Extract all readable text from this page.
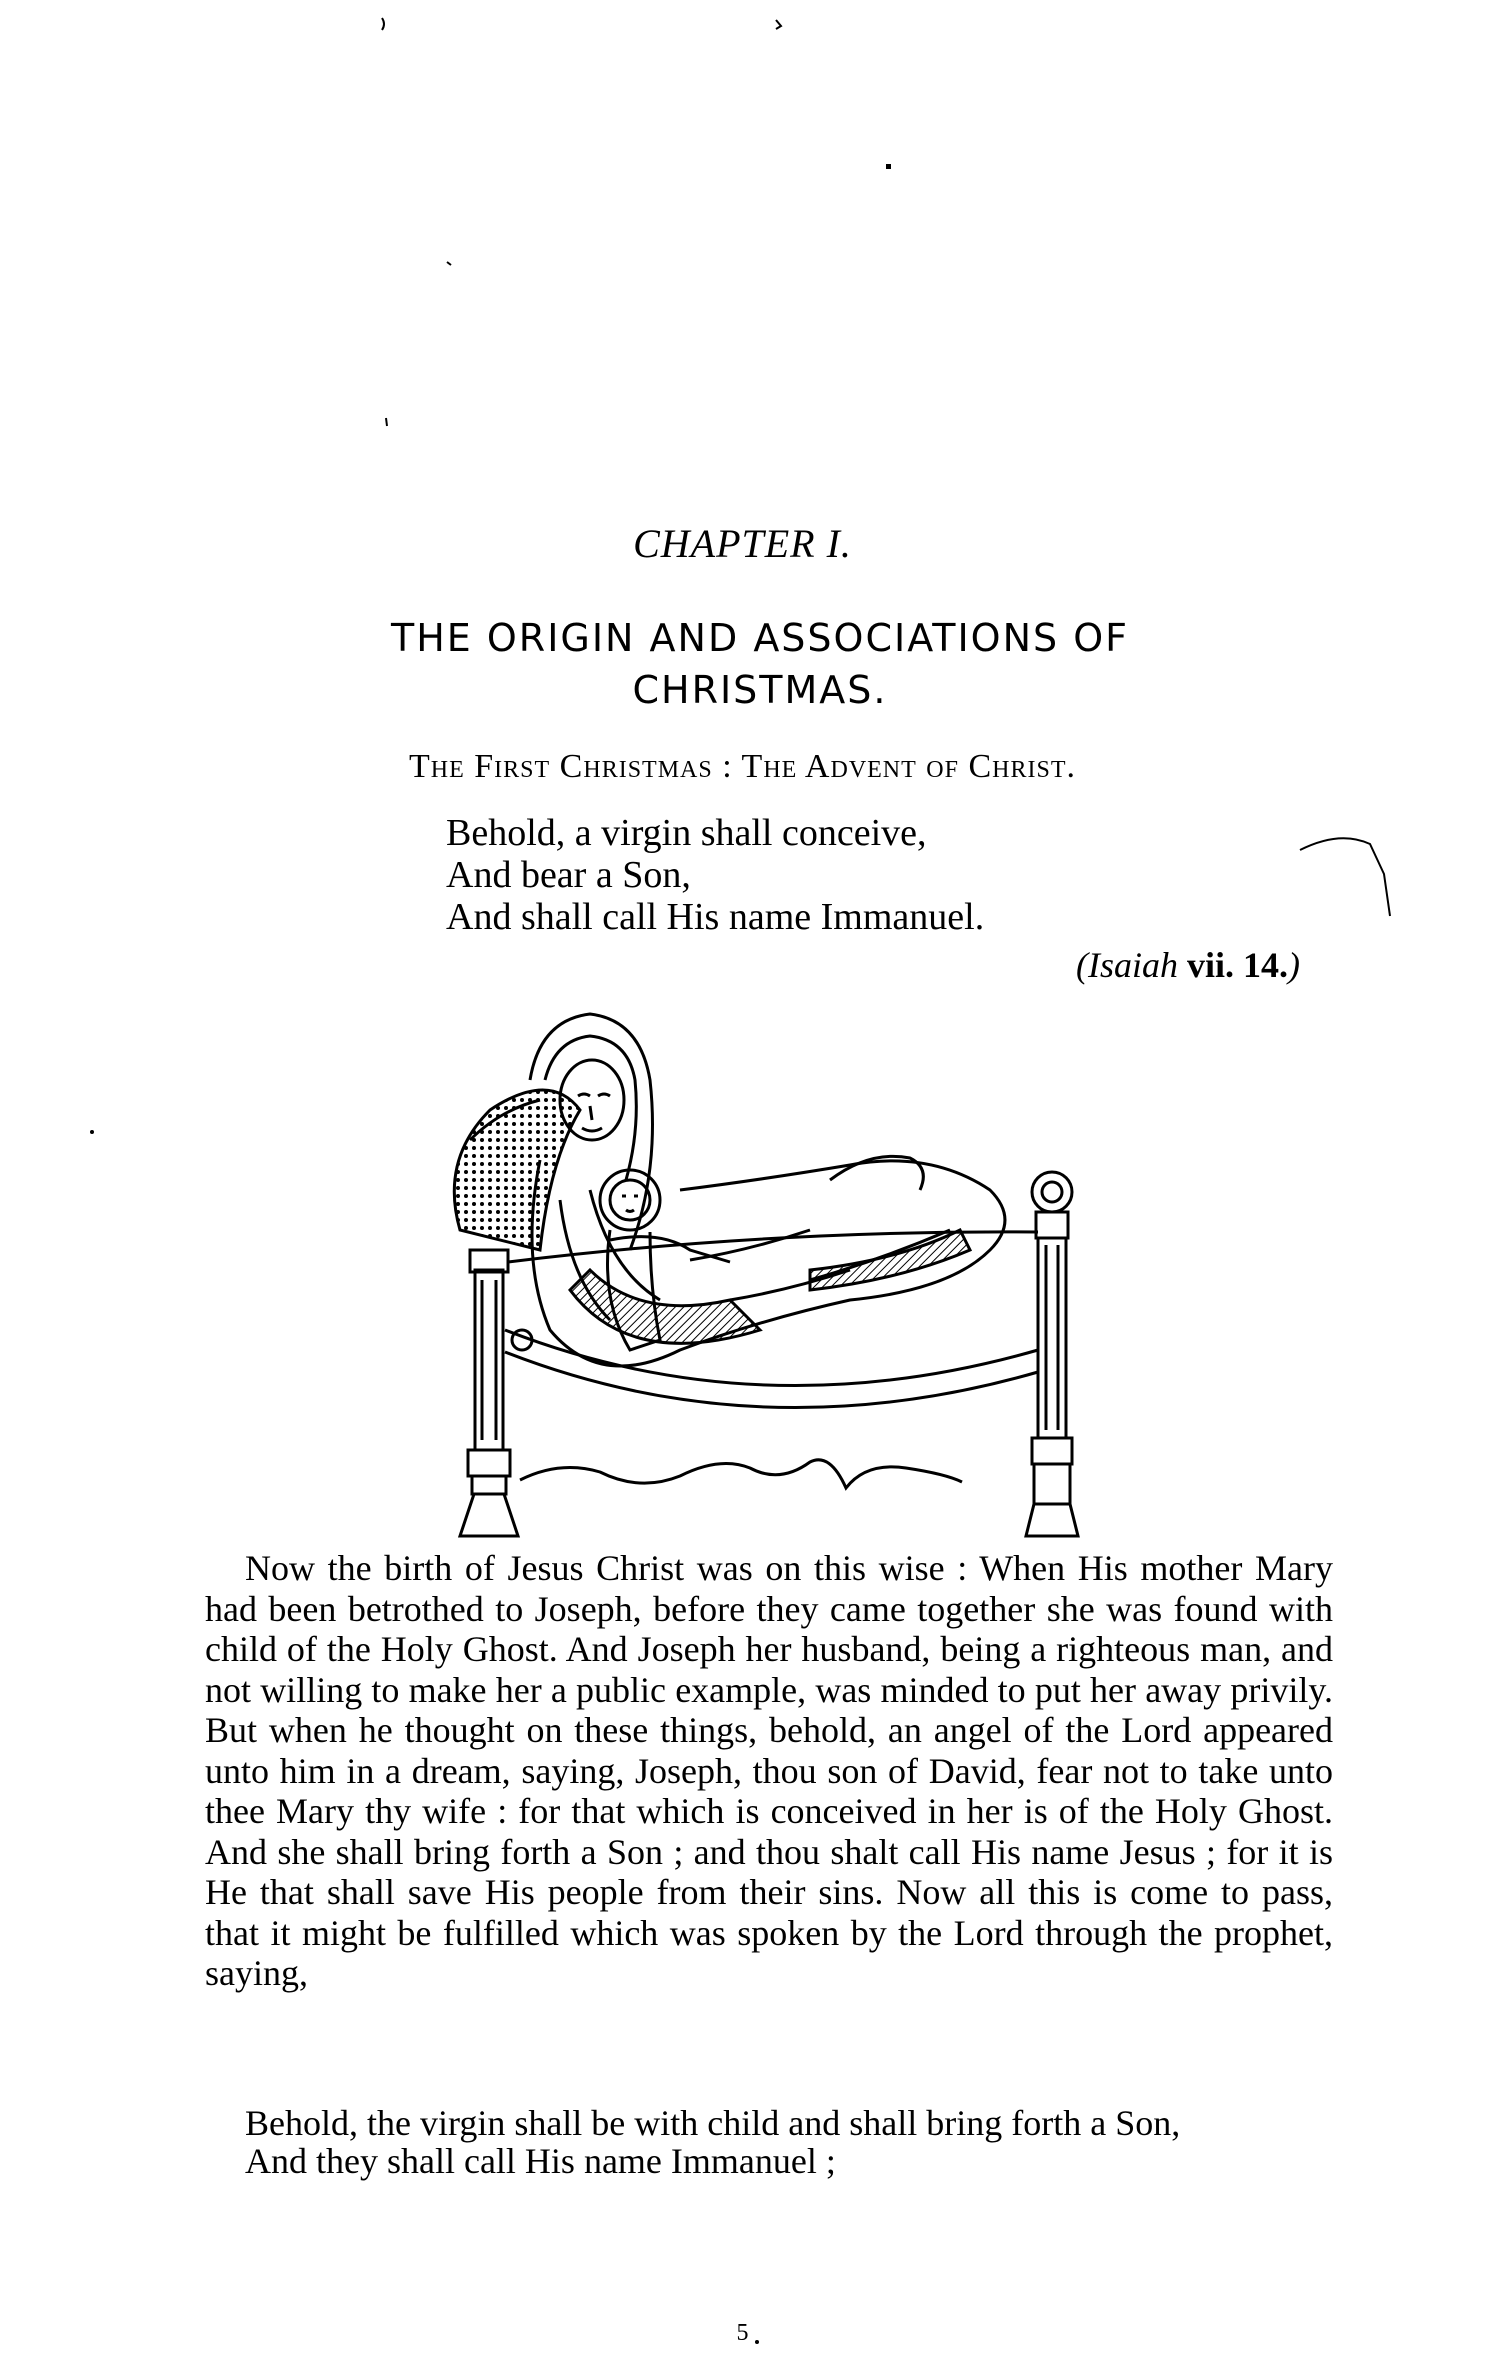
CHAPTER I.
THE ORIGIN AND ASSOCIATIONS OF
CHRISTMAS.
The First Christmas : The Advent of Christ.
Behold, a virgin shall conceive,
And bear a Son,
And shall call His name Immanuel.
(Isaiah vii. 14.)

Now the birth of Jesus Christ was on this wise : When His mother Mary had been betrothed to Joseph, before they came together she was found with child of the Holy Ghost. And Joseph her husband, being a righteous man, and not willing to make her a public example, was minded to put her away privily. But when he thought on these things, behold, an angel of the Lord appeared unto him in a dream, saying, Joseph, thou son of David, fear not to take unto thee Mary thy wife : for that which is conceived in her is of the Holy Ghost. And she shall bring forth a Son ; and thou shalt call His name Jesus ; for it is He that shall save His people from their sins. Now all this is come to pass, that it might be fulfilled which was spoken by the Lord through the prophet, saying,

Behold, the virgin shall be with child and shall bring forth a Son,
And they shall call His name Immanuel ;
5
